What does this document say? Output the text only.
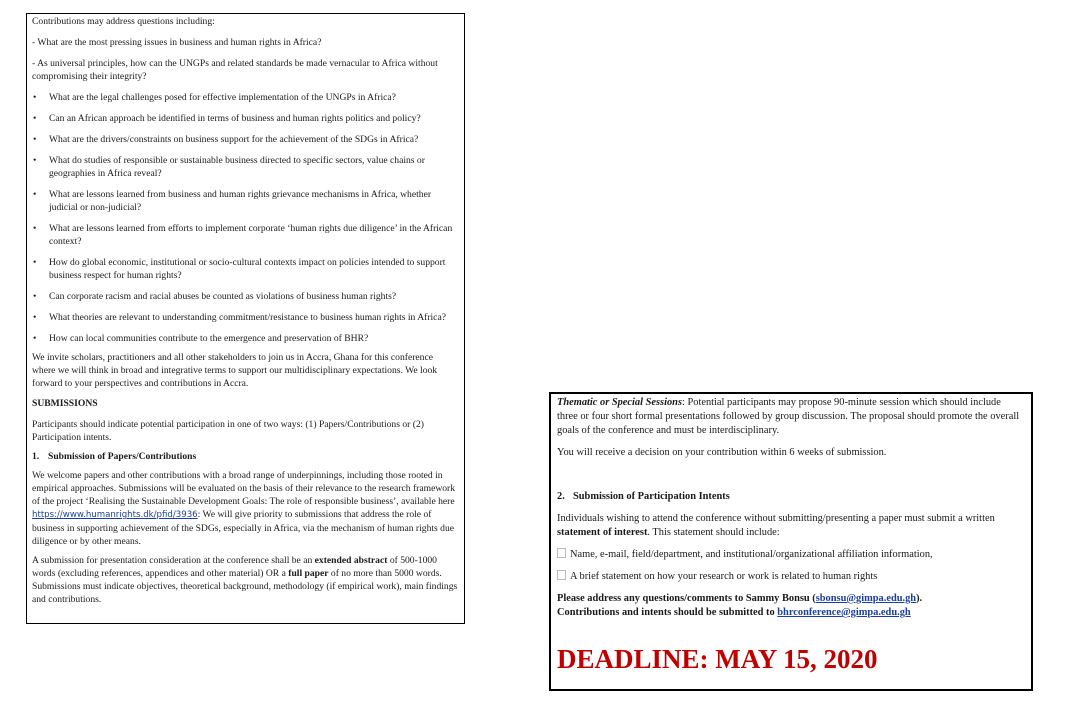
Contributions may address questions including:

- What are the most pressing issues in business and human rights in Africa?

- As universal principles, how can the UNGPs and related standards be made vernacular to Africa without compromising their integrity?

• What are the legal challenges posed for effective implementation of the UNGPs in Africa?
• Can an African approach be identified in terms of business and human rights politics and policy?
• What are the drivers/constraints on business support for the achievement of the SDGs in Africa?
• What do studies of responsible or sustainable business directed to specific sectors, value chains or geographies in Africa reveal?
• What are lessons learned from business and human rights grievance mechanisms in Africa, whether judicial or non-judicial?
• What are lessons learned from efforts to implement corporate ‘human rights due diligence’ in the African context?
• How do global economic, institutional or socio-cultural contexts impact on policies intended to support business respect for human rights?
• Can corporate racism and racial abuses be counted as violations of business human rights?
• What theories are relevant to understanding commitment/resistance to business human rights in Africa?
• How can local communities contribute to the emergence and preservation of BHR?

We invite scholars, practitioners and all other stakeholders to join us in Accra, Ghana for this conference where we will think in broad and integrative terms to support our multidisciplinary expectations. We look forward to your perspectives and contributions in Accra.

SUBMISSIONS

Participants should indicate potential participation in one of two ways: (1) Papers/Contributions or (2) Participation intents.

1. Submission of Papers/Contributions

We welcome papers and other contributions with a broad range of underpinnings, including those rooted in empirical approaches. Submissions will be evaluated on the basis of their relevance to the research framework of the project ‘Realising the Sustainable Development Goals: The role of responsible business’, available here https://www.humanrights.dk/pfid/3936: We will give priority to submissions that address the role of business in supporting achievement of the SDGs, especially in Africa, via the mechanism of human rights due diligence or by other means.

A submission for presentation consideration at the conference shall be an extended abstract of 500-1000 words (excluding references, appendices and other material) OR a full paper of no more than 5000 words. Submissions must indicate objectives, theoretical background, methodology (if empirical work), main findings and contributions.

Thematic or Special Sessions: Potential participants may propose 90-minute session which should include three or four short formal presentations followed by group discussion. The proposal should promote the overall goals of the conference and must be interdisciplinary.

You will receive a decision on your contribution within 6 weeks of submission.

2. Submission of Participation Intents

Individuals wishing to attend the conference without submitting/presenting a paper must submit a written statement of interest. This statement should include:

Name, e-mail, field/department, and institutional/organizational affiliation information,

A brief statement on how your research or work is related to human rights

Please address any questions/comments to Sammy Bonsu (sbonsu@gimpa.edu.gh).

Contributions and intents should be submitted to bhrconference@gimpa.edu.gh

DEADLINE: MAY 15, 2020
